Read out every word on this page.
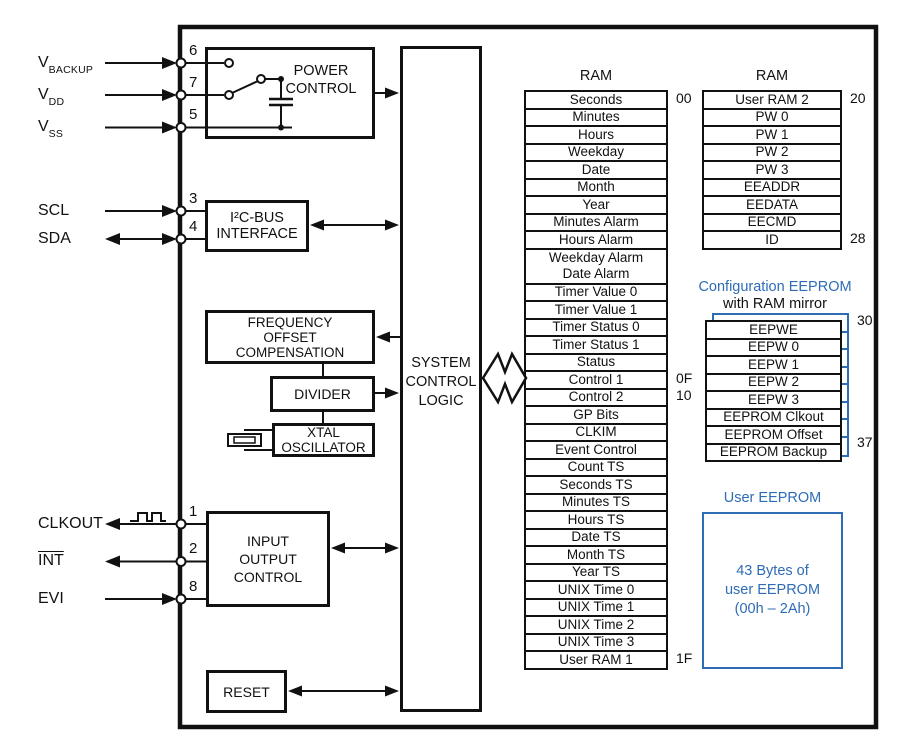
POWER
CONTROL
I²C-BUS
INTERFACE
FREQUENCY
OFFSET
COMPENSATION
DIVIDER
XTAL
OSCILLATOR
INPUT
OUTPUT
CONTROL
RESET
SYSTEM
CONTROL
LOGIC
RAM
Seconds	00
Minutes
Hours
Weekday
Date
Month
Year
Minutes Alarm
Hours Alarm
Weekday Alarm
Date Alarm
Timer Value 0
Timer Value 1
Timer Status 0
Timer Status 1
Status
Control 1	0F
Control 2	10
GP Bits
CLKIM
Event Control
Count TS
Seconds TS
Minutes TS
Hours TS
Date TS
Month TS
Year TS
UNIX Time 0
UNIX Time 1
UNIX Time 2
UNIX Time 3
User RAM 1	1F
RAM
User RAM 2	20
PW 0
PW 1
PW 2
PW 3
EEADDR
EEDATA
EECMD
ID	28
Configuration EEPROM
with RAM mirror
EEPWE
30
EEPW 0
EEPW 1
EEPW 2
EEPW 3
EEPROM Clkout
EEPROM Offset
EEPROM Backup
37
User EEPROM
43 Bytes of
user EEPROM
(00h – 2Ah)
$V_{BACKUP}$
$V_{DD}$
$V_{SS}$
SCL
SDA
CLKOUT
$\overline{INT}$
EVI
6
7
5
3
4
1
2
8
